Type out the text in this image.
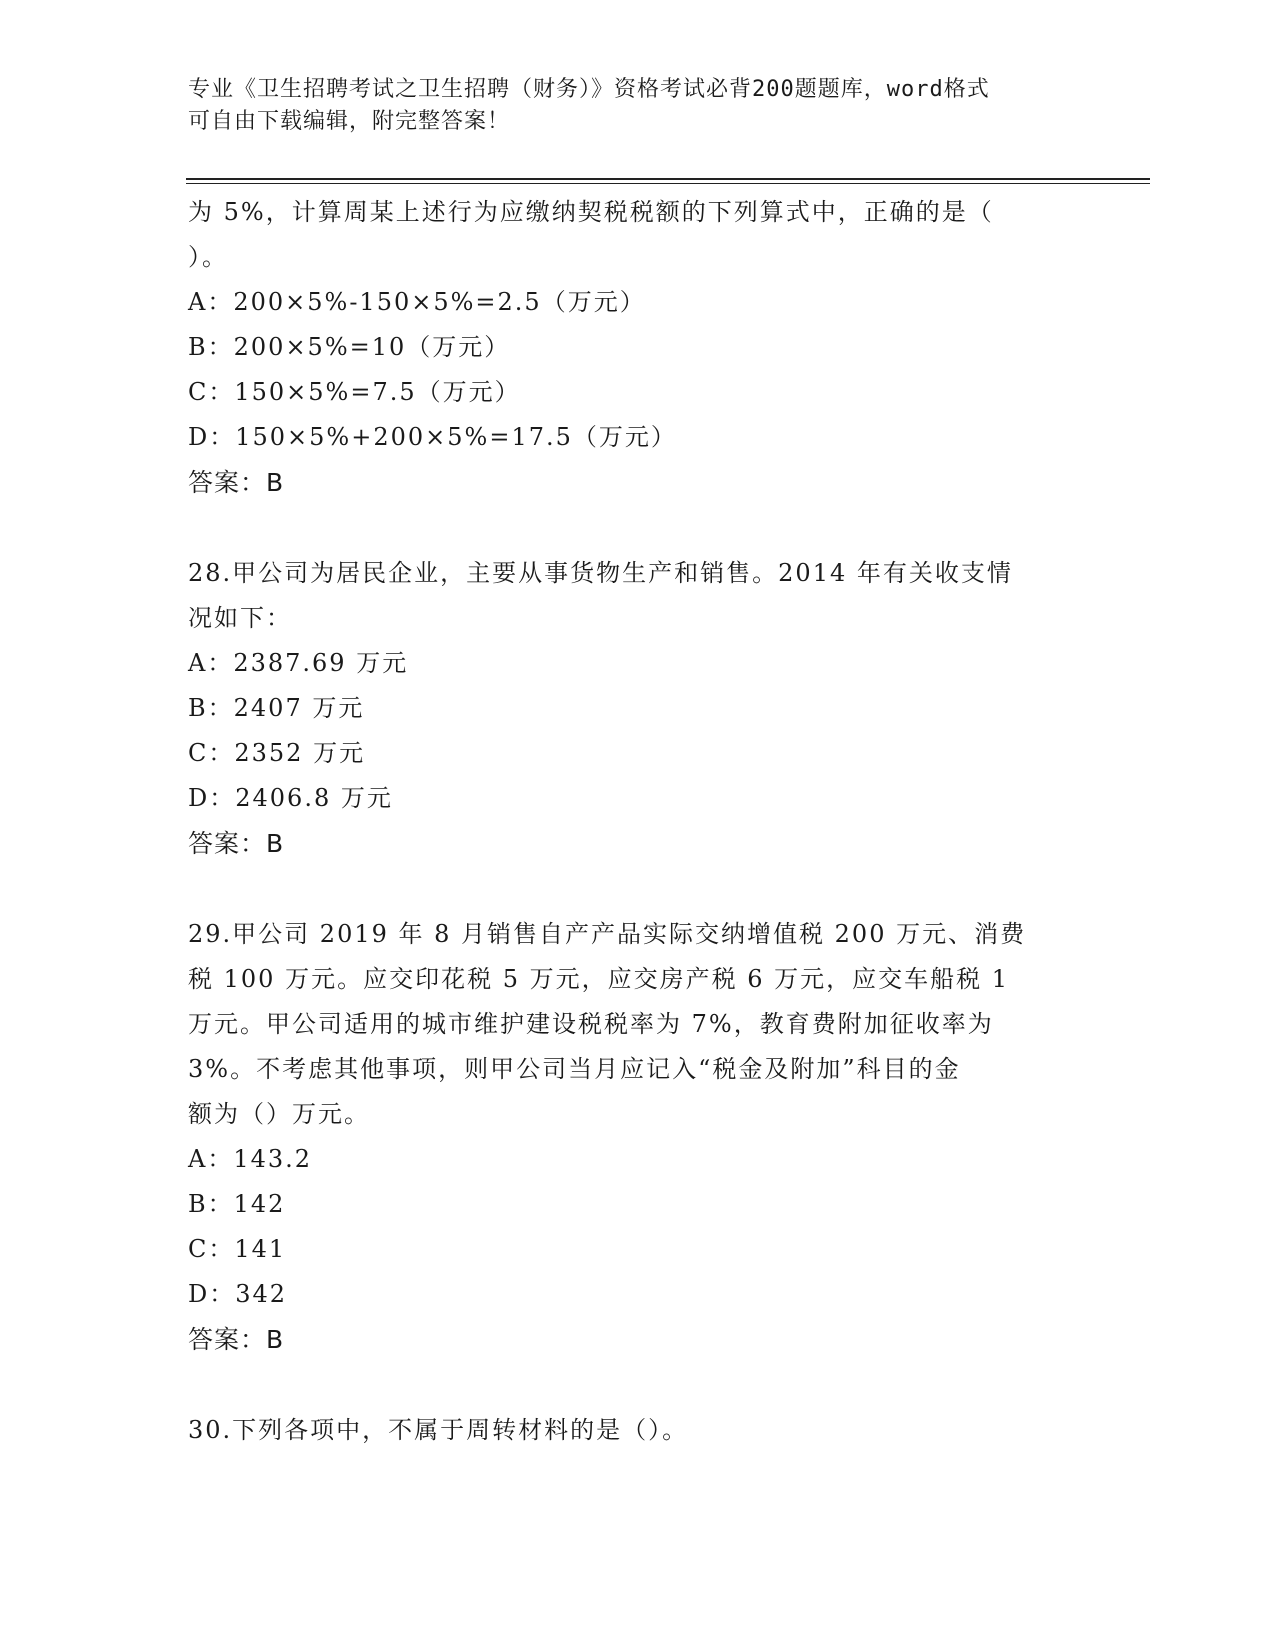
专业《卫生招聘考试之卫生招聘（财务）》资格考试必背200题题库，word格式
可自由下载编辑，附完整答案！
为 5%，计算周某上述行为应缴纳契税税额的下列算式中，正确的是（
）。
A：200×5%-150×5%=2.5（万元）
B：200×5%=10（万元）
C：150×5%=7.5（万元）
D：150×5%+200×5%=17.5（万元）
答案：B
28.甲公司为居民企业，主要从事货物生产和销售。2014 年有关收支情
况如下：
A：2387.69 万元
B：2407 万元
C：2352 万元
D：2406.8 万元
答案：B
29.甲公司 2019 年 8 月销售自产产品实际交纳增值税 200 万元、消费
税 100 万元。应交印花税 5 万元，应交房产税 6 万元，应交车船税 1
万元。甲公司适用的城市维护建设税税率为 7%，教育费附加征收率为
3%。不考虑其他事项，则甲公司当月应记入“税金及附加”科目的金
额为（）万元。
A：143.2
B：142
C：141
D：342
答案：B
30.下列各项中，不属于周转材料的是（）。
